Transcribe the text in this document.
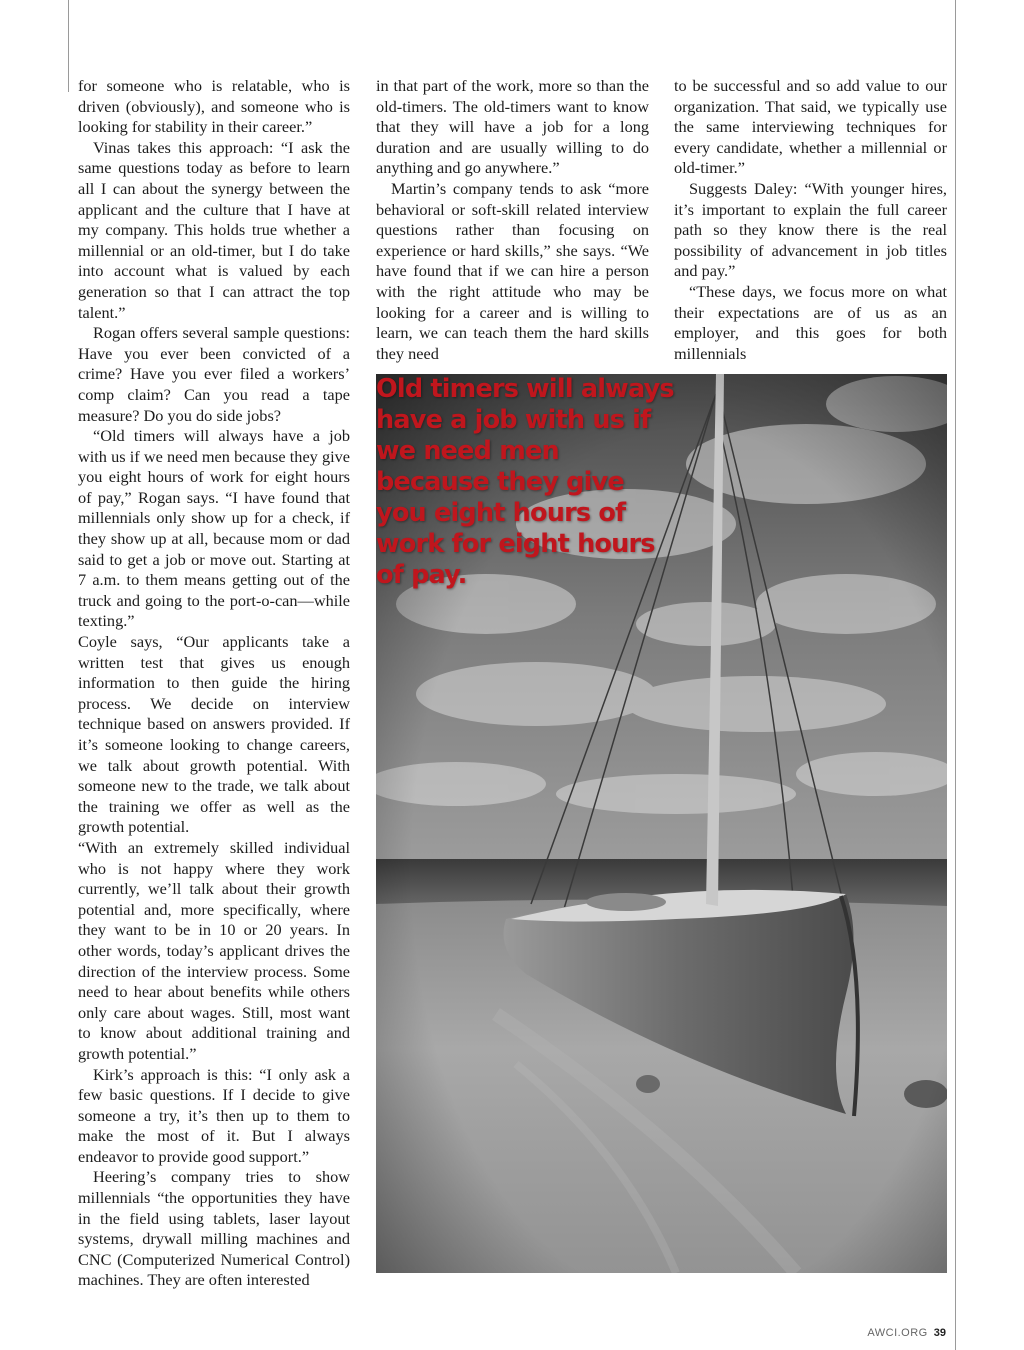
for someone who is relatable, who is driven (obviously), and someone who is looking for stability in their career.”

Vinas takes this approach: “I ask the same questions today as before to learn all I can about the synergy between the applicant and the culture that I have at my company. This holds true whether a millennial or an old-timer, but I do take into account what is valued by each generation so that I can attract the top talent.”

Rogan offers several sample questions: Have you ever been convicted of a crime? Have you ever filed a workers’ comp claim? Can you read a tape measure? Do you do side jobs?

“Old timers will always have a job with us if we need men because they give you eight hours of work for eight hours of pay,” Rogan says. “I have found that millennials only show up for a check, if they show up at all, because mom or dad said to get a job or move out. Starting at 7 a.m. to them means getting out of the truck and going to the port-o-can—while texting.”

Coyle says, “Our applicants take a written test that gives us enough information to then guide the hiring process. We decide on interview technique based on answers provided. If it’s someone looking to change careers, we talk about growth potential. With someone new to the trade, we talk about the training we offer as well as the growth potential.

“With an extremely skilled individual who is not happy where they work currently, we’ll talk about their growth potential and, more specifically, where they want to be in 10 or 20 years. In other words, today’s applicant drives the direction of the interview process. Some need to hear about benefits while others only care about wages. Still, most want to know about additional training and growth potential.”

Kirk’s approach is this: “I only ask a few basic questions. If I decide to give someone a try, it’s then up to them to make the most of it. But I always endeavor to provide good support.”

Heering’s company tries to show millennials “the opportunities they have in the field using tablets, laser layout systems, drywall milling machines and CNC (Computerized Numerical Control) machines. They are often interested

in that part of the work, more so than the old-timers. The old-timers want to know that they will have a job for a long duration and are usually willing to do anything and go anywhere.”

Martin’s company tends to ask “more behavioral or soft-skill related interview questions rather than focusing on experience or hard skills,” she says. “We have found that if we can hire a person with the right attitude who may be looking for a career and is willing to learn, we can teach them the hard skills they need

to be successful and so add value to our organization. That said, we typically use the same interviewing techniques for every candidate, whether a millennial or old-timer.”

Suggests Daley: “With younger hires, it’s important to explain the full career path so they know there is the real possibility of advancement in job titles and pay.”

“These days, we focus more on what their expectations are of us as an employer, and this goes for both millennials

Old timers will always have a job with us if we need men because they give you eight hours of work for eight hours of pay.

AWCI.ORG 39
